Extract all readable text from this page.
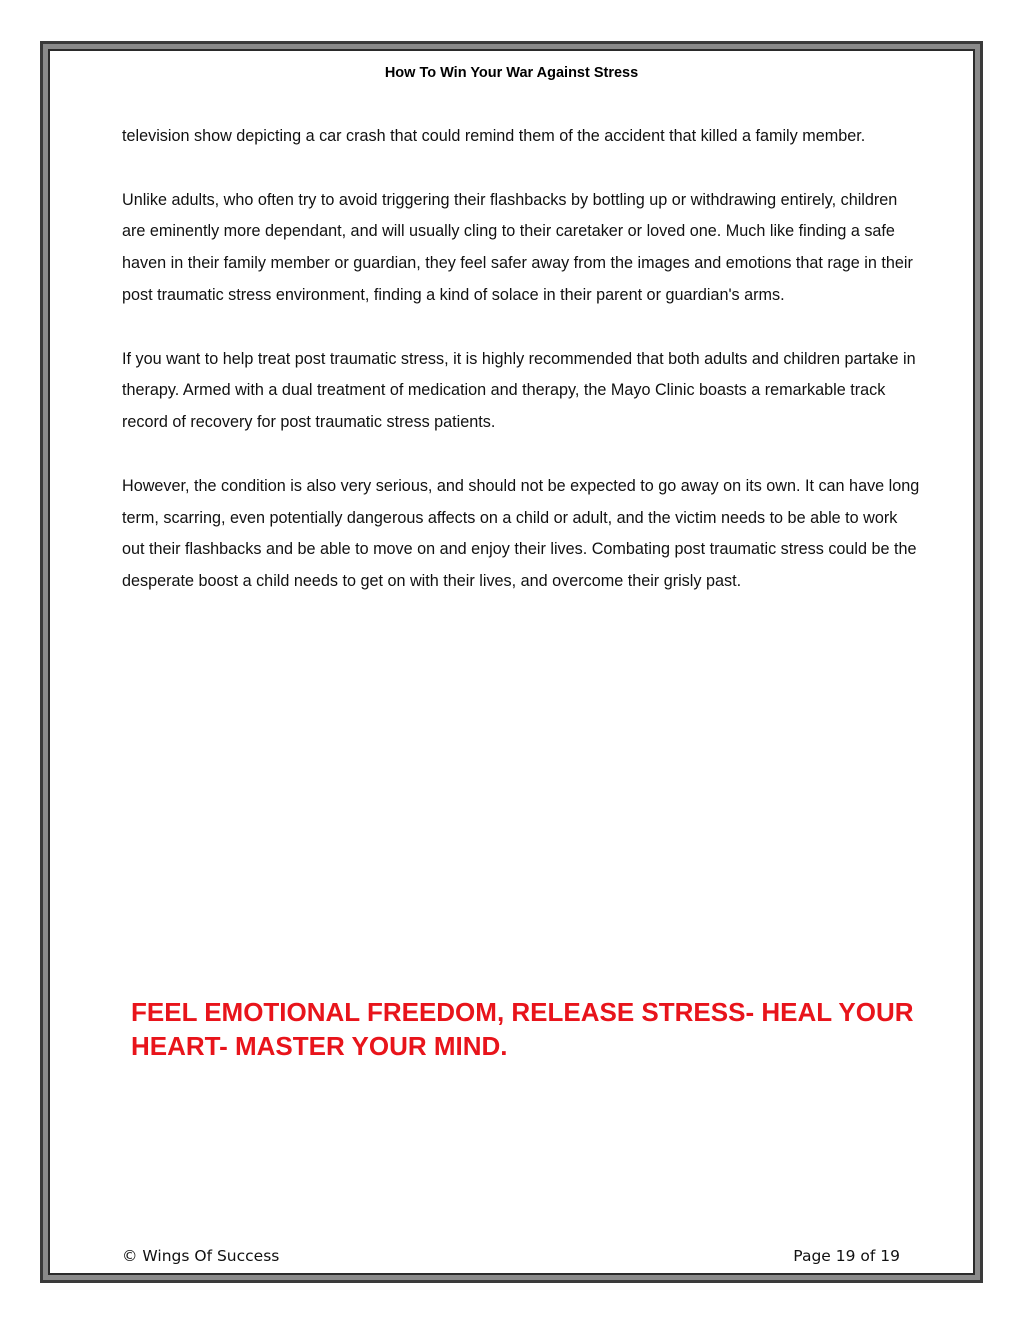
How To Win Your War Against Stress

television show depicting a car crash that could remind them of the accident that killed a family member.

Unlike adults, who often try to avoid triggering their flashbacks by bottling up or withdrawing entirely, children are eminently more dependant, and will usually cling to their caretaker or loved one. Much like finding a safe haven in their family member or guardian, they feel safer away from the images and emotions that rage in their post traumatic stress environment, finding a kind of solace in their parent or guardian's arms.

If you want to help treat post traumatic stress, it is highly recommended that both adults and children partake in therapy. Armed with a dual treatment of medication and therapy, the Mayo Clinic boasts a remarkable track record of recovery for post traumatic stress patients.

However, the condition is also very serious, and should not be expected to go away on its own. It can have long term, scarring, even potentially dangerous affects on a child or adult, and the victim needs to be able to work out their flashbacks and be able to move on and enjoy their lives. Combating post traumatic stress could be the desperate boost a child needs to get on with their lives, and overcome their grisly past.

FEEL EMOTIONAL FREEDOM, RELEASE STRESS- HEAL YOUR HEART- MASTER YOUR MIND.
© Wings Of Success	Page 19 of 19
